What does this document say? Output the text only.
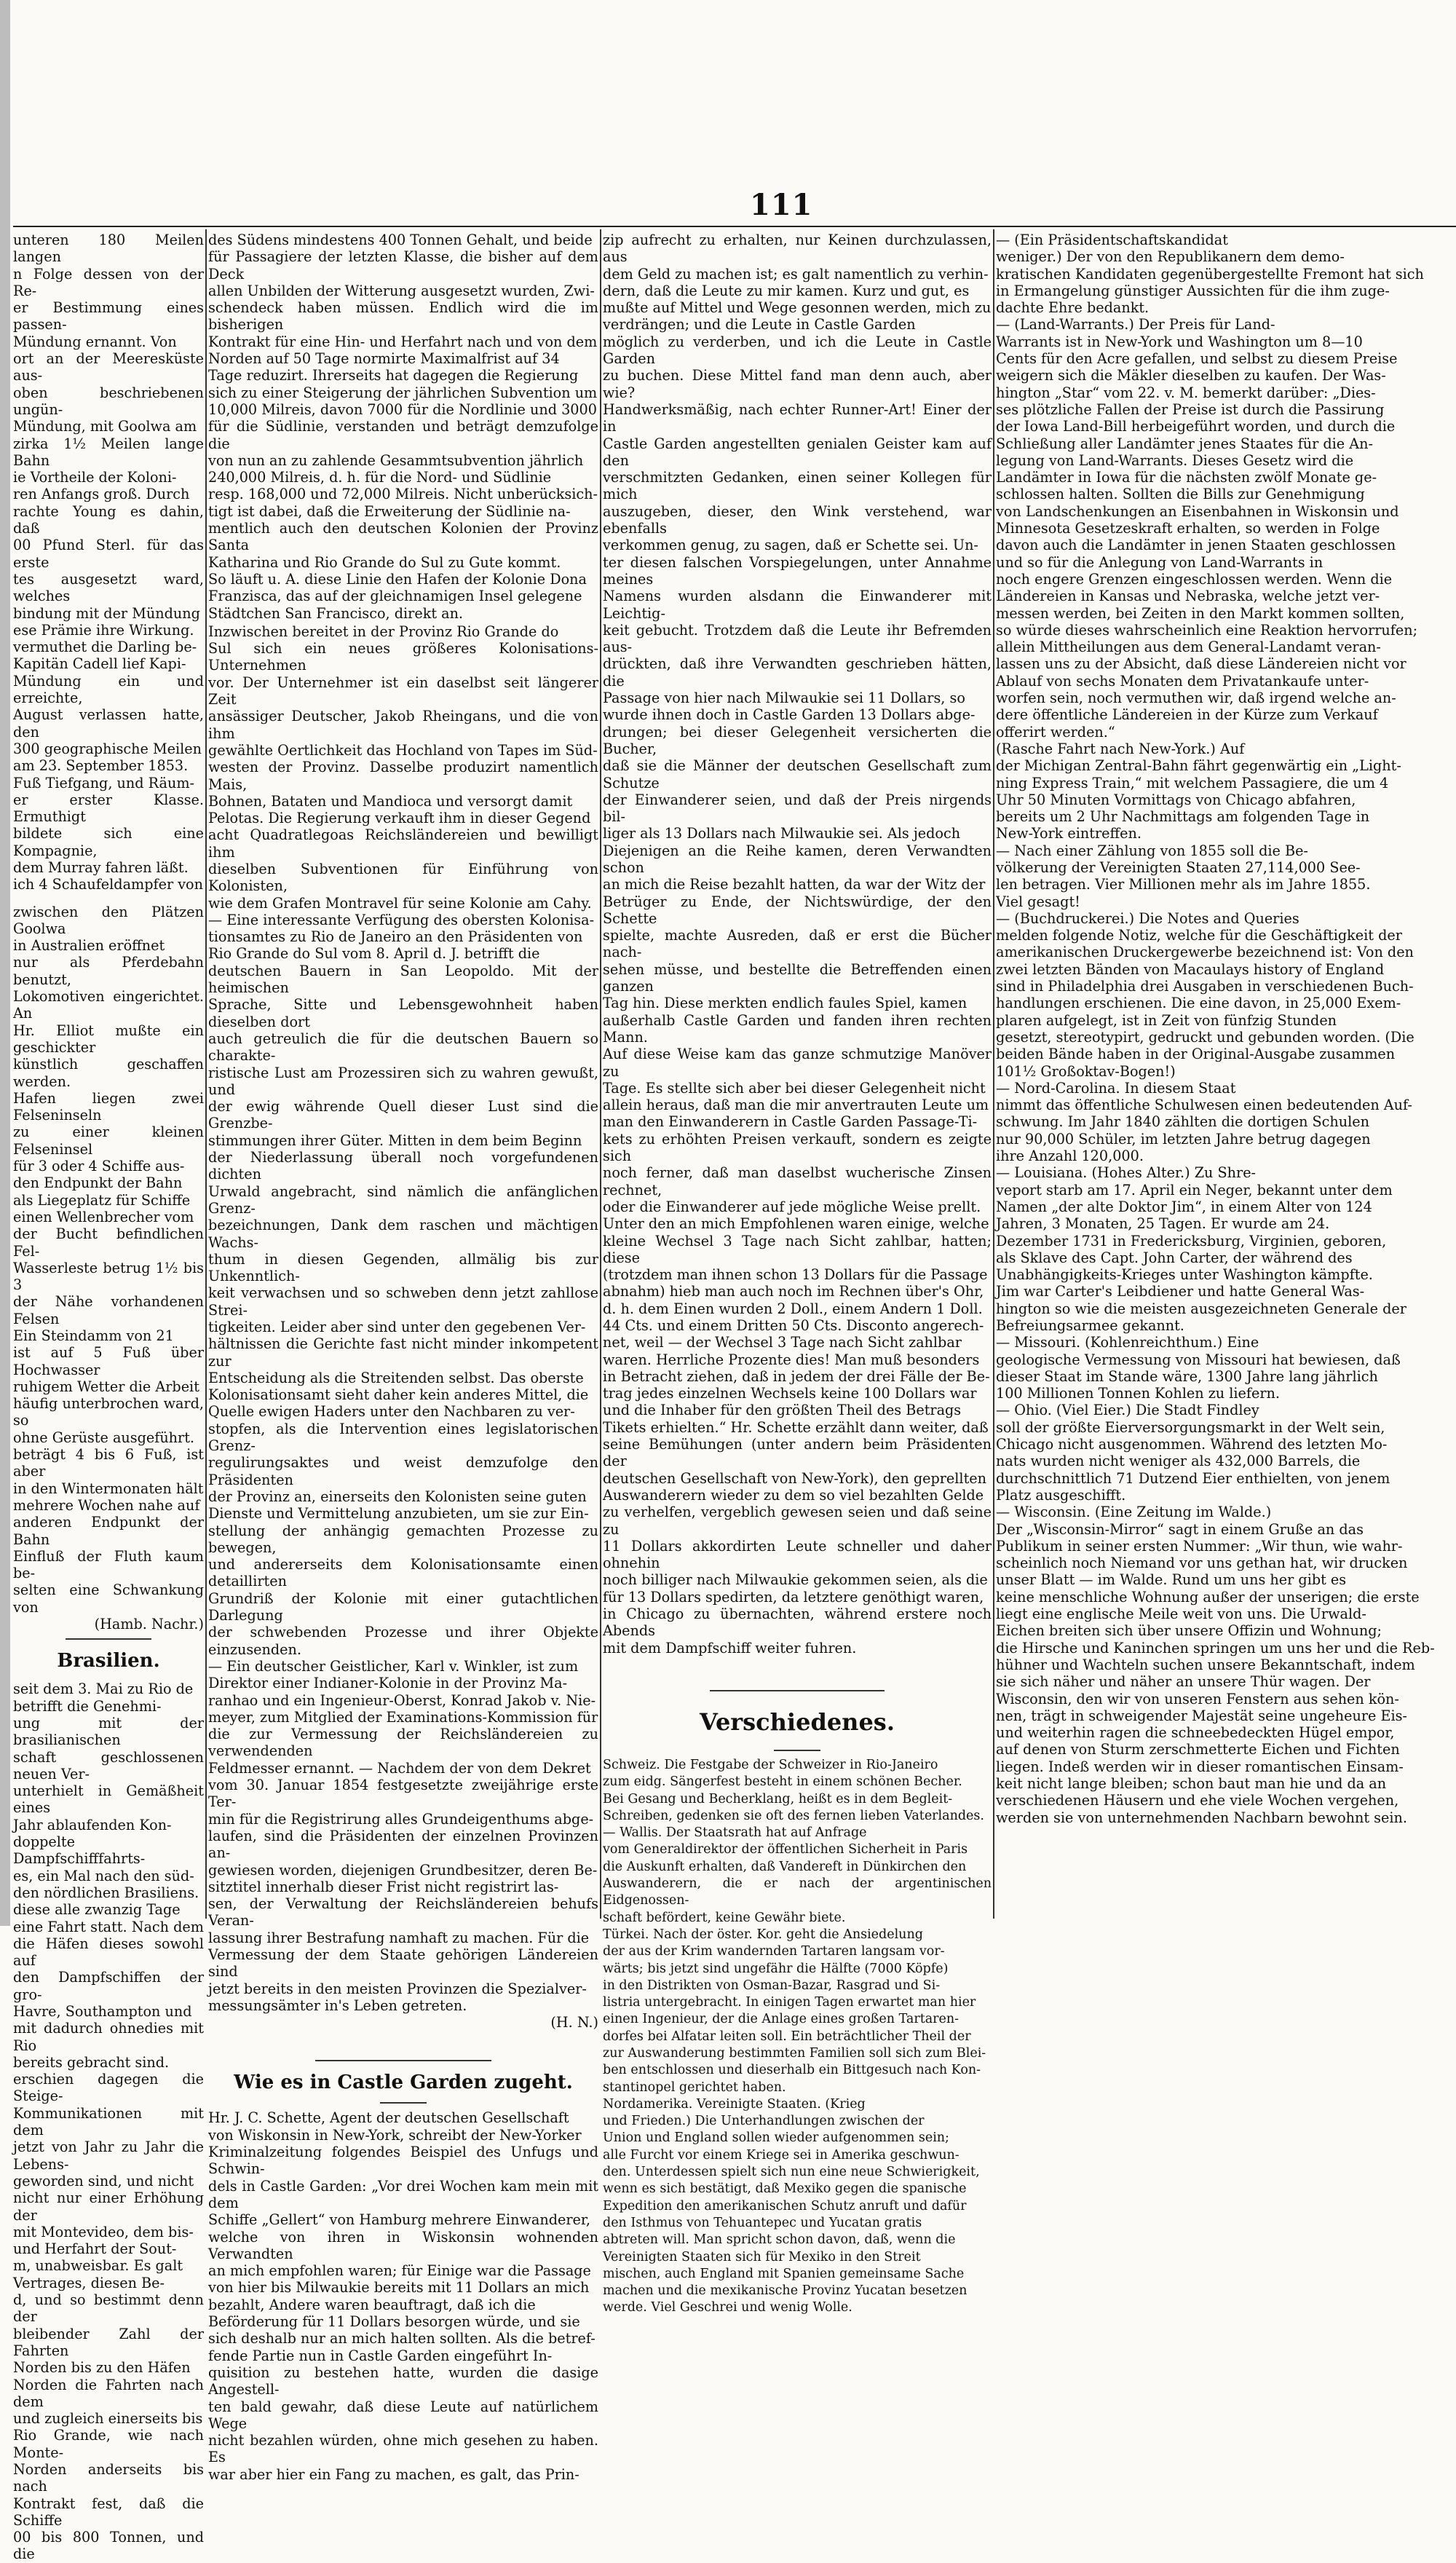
111

unteren 180 Meilen langen

n Folge dessen von der Re-

er Bestimmung eines passen-

Mündung ernannt. Von

ort an der Meeresküste aus-

oben beschriebenen ungün-

Mündung, mit Goolwa am

zirka 1½ Meilen lange Bahn

ie Vortheile der Koloni-

ren Anfangs groß. Durch

rachte Young es dahin, daß

00 Pfund Sterl. für das erste

tes ausgesetzt ward, welches

bindung mit der Mündung

ese Prämie ihre Wirkung.

vermuthet die Darling be-

Kapitän Cadell lief Kapi-

Mündung ein und erreichte,

August verlassen hatte, den

300 geographische Meilen

am 23. September 1853.

Fuß Tiefgang, und Räum-

er erster Klasse. Ermuthigt

bildete sich eine Kompagnie,

dem Murray fahren läßt.

ich 4 Schaufeldampfer von

zwischen den Plätzen Goolwa

in Australien eröffnet

nur als Pferdebahn benutzt,

Lokomotiven eingerichtet. An

Hr. Elliot mußte ein geschickter

künstlich geschaffen werden.

Hafen liegen zwei Felseninseln

zu einer kleinen Felseninsel

für 3 oder 4 Schiffe aus-

den Endpunkt der Bahn

als Liegeplatz für Schiffe

einen Wellenbrecher vom

der Bucht befindlichen Fel-

Wasserleste betrug 1½ bis 3

der Nähe vorhandenen Felsen

Ein Steindamm von 21

ist auf 5 Fuß über Hochwasser

ruhigem Wetter die Arbeit

häufig unterbrochen ward, so

ohne Gerüste ausgeführt.

beträgt 4 bis 6 Fuß, ist aber

in den Wintermonaten hält

mehrere Wochen nahe auf

anderen Endpunkt der Bahn

Einfluß der Fluth kaum be-

selten eine Schwankung von

(Hamb. Nachr.)

Brasilien.

seit dem 3. Mai zu Rio de

betrifft die Genehmi-

ung mit der brasilianischen

schaft geschlossenen neuen Ver-

unterhielt in Gemäßheit eines

Jahr ablaufenden Kon-

doppelte Dampfschifffahrts-

es, ein Mal nach den süd-

den nördlichen Brasiliens.

diese alle zwanzig Tage

eine Fahrt statt. Nach dem

die Häfen dieses sowohl auf

den Dampfschiffen der gro-

Havre, Southampton und

mit dadurch ohnedies mit Rio

bereits gebracht sind.

erschien dagegen die Steige-

Kommunikationen mit dem

jetzt von Jahr zu Jahr die Lebens-

geworden sind, und nicht

nicht nur einer Erhöhung der

mit Montevideo, dem bis-

und Herfahrt der Sout-

m, unabweisbar. Es galt

Vertrages, diesen Be-

d, und so bestimmt denn der

bleibender Zahl der Fahrten

Norden bis zu den Häfen

Norden die Fahrten nach dem

und zugleich einerseits bis

Rio Grande, wie nach Monte-

Norden anderseits bis nach

Kontrakt fest, daß die Schiffe

00 bis 800 Tonnen, und die

des Südens mindestens 400 Tonnen Gehalt, und beide

für Passagiere der letzten Klasse, die bisher auf dem Deck

allen Unbilden der Witterung ausgesetzt wurden, Zwi-

schendeck haben müssen. Endlich wird die im bisherigen

Kontrakt für eine Hin- und Herfahrt nach und von dem

Norden auf 50 Tage normirte Maximalfrist auf 34

Tage reduzirt. Ihrerseits hat dagegen die Regierung

sich zu einer Steigerung der jährlichen Subvention um

10,000 Milreis, davon 7000 für die Nordlinie und 3000

für die Südlinie, verstanden und beträgt demzufolge die

von nun an zu zahlende Gesammtsubvention jährlich

240,000 Milreis, d. h. für die Nord- und Südlinie

resp. 168,000 und 72,000 Milreis. Nicht unberücksich-

tigt ist dabei, daß die Erweiterung der Südlinie na-

mentlich auch den deutschen Kolonien der Provinz Santa

Katharina und Rio Grande do Sul zu Gute kommt.

So läuft u. A. diese Linie den Hafen der Kolonie Dona

Franzisca, das auf der gleichnamigen Insel gelegene

Städtchen San Francisco, direkt an.

Inzwischen bereitet in der Provinz Rio Grande do

Sul sich ein neues größeres Kolonisations-Unternehmen

vor. Der Unternehmer ist ein daselbst seit längerer Zeit

ansässiger Deutscher, Jakob Rheingans, und die von ihm

gewählte Oertlichkeit das Hochland von Tapes im Süd-

westen der Provinz. Dasselbe produzirt namentlich Mais,

Bohnen, Bataten und Mandioca und versorgt damit

Pelotas. Die Regierung verkauft ihm in dieser Gegend

acht Quadratlegoas Reichsländereien und bewilligt ihm

dieselben Subventionen für Einführung von Kolonisten,

wie dem Grafen Montravel für seine Kolonie am Cahy.

— Eine interessante Verfügung des obersten Kolonisa-

tionsamtes zu Rio de Janeiro an den Präsidenten von

Rio Grande do Sul vom 8. April d. J. betrifft die

deutschen Bauern in San Leopoldo. Mit der heimischen

Sprache, Sitte und Lebensgewohnheit haben dieselben dort

auch getreulich die für die deutschen Bauern so charakte-

ristische Lust am Prozessiren sich zu wahren gewußt, und

der ewig währende Quell dieser Lust sind die Grenzbe-

stimmungen ihrer Güter. Mitten in dem beim Beginn

der Niederlassung überall noch vorgefundenen dichten

Urwald angebracht, sind nämlich die anfänglichen Grenz-

bezeichnungen, Dank dem raschen und mächtigen Wachs-

thum in diesen Gegenden, allmälig bis zur Unkenntlich-

keit verwachsen und so schweben denn jetzt zahllose Strei-

tigkeiten. Leider aber sind unter den gegebenen Ver-

hältnissen die Gerichte fast nicht minder inkompetent zur

Entscheidung als die Streitenden selbst. Das oberste

Kolonisationsamt sieht daher kein anderes Mittel, die

Quelle ewigen Haders unter den Nachbaren zu ver-

stopfen, als die Intervention eines legislatorischen Grenz-

regulirungsaktes und weist demzufolge den Präsidenten

der Provinz an, einerseits den Kolonisten seine guten

Dienste und Vermittelung anzubieten, um sie zur Ein-

stellung der anhängig gemachten Prozesse zu bewegen,

und andererseits dem Kolonisationsamte einen detaillirten

Grundriß der Kolonie mit einer gutachtlichen Darlegung

der schwebenden Prozesse und ihrer Objekte einzusenden.

— Ein deutscher Geistlicher, Karl v. Winkler, ist zum

Direktor einer Indianer-Kolonie in der Provinz Ma-

ranhao und ein Ingenieur-Oberst, Konrad Jakob v. Nie-

meyer, zum Mitglied der Examinations-Kommission für

die zur Vermessung der Reichsländereien zu verwendenden

Feldmesser ernannt. — Nachdem der von dem Dekret

vom 30. Januar 1854 festgesetzte zweijährige erste Ter-

min für die Registrirung alles Grundeigenthums abge-

laufen, sind die Präsidenten der einzelnen Provinzen an-

gewiesen worden, diejenigen Grundbesitzer, deren Be-

sitztitel innerhalb dieser Frist nicht registrirt las-

sen, der Verwaltung der Reichsländereien behufs Veran-

lassung ihrer Bestrafung namhaft zu machen. Für die

Vermessung der dem Staate gehörigen Ländereien sind

jetzt bereits in den meisten Provinzen die Spezialver-

messungsämter in's Leben getreten.

(H. N.)

Wie es in Castle Garden zugeht.

Hr. J. C. Schette, Agent der deutschen Gesellschaft

von Wiskonsin in New-York, schreibt der New-Yorker

Kriminalzeitung folgendes Beispiel des Unfugs und Schwin-

dels in Castle Garden: „Vor drei Wochen kam mein mit dem

Schiffe „Gellert“ von Hamburg mehrere Einwanderer,

welche von ihren in Wiskonsin wohnenden Verwandten

an mich empfohlen waren; für Einige war die Passage

von hier bis Milwaukie bereits mit 11 Dollars an mich

bezahlt, Andere waren beauftragt, daß ich die

Beförderung für 11 Dollars besorgen würde, und sie

sich deshalb nur an mich halten sollten. Als die betref-

fende Partie nun in Castle Garden eingeführt In-

quisition zu bestehen hatte, wurden die dasige Angestell-

ten bald gewahr, daß diese Leute auf natürlichem Wege

nicht bezahlen würden, ohne mich gesehen zu haben. Es

war aber hier ein Fang zu machen, es galt, das Prin-

zip aufrecht zu erhalten, nur Keinen durchzulassen, aus

dem Geld zu machen ist; es galt namentlich zu verhin-

dern, daß die Leute zu mir kamen. Kurz und gut, es

mußte auf Mittel und Wege gesonnen werden, mich zu

verdrängen; und die Leute in Castle Garden

möglich zu verderben, und ich die Leute in Castle Garden

zu buchen. Diese Mittel fand man denn auch, aber wie?

Handwerksmäßig, nach echter Runner-Art! Einer der in

Castle Garden angestellten genialen Geister kam auf den

verschmitzten Gedanken, einen seiner Kollegen für mich

auszugeben, dieser, den Wink verstehend, war ebenfalls

verkommen genug, zu sagen, daß er Schette sei. Un-

ter diesen falschen Vorspiegelungen, unter Annahme meines

Namens wurden alsdann die Einwanderer mit Leichtig-

keit gebucht. Trotzdem daß die Leute ihr Befremden aus-

drückten, daß ihre Verwandten geschrieben hätten, die

Passage von hier nach Milwaukie sei 11 Dollars, so

wurde ihnen doch in Castle Garden 13 Dollars abge-

drungen; bei dieser Gelegenheit versicherten die Bucher,

daß sie die Männer der deutschen Gesellschaft zum Schutze

der Einwanderer seien, und daß der Preis nirgends bil-

liger als 13 Dollars nach Milwaukie sei. Als jedoch

Diejenigen an die Reihe kamen, deren Verwandten schon

an mich die Reise bezahlt hatten, da war der Witz der

Betrüger zu Ende, der Nichtswürdige, der den Schette

spielte, machte Ausreden, daß er erst die Bücher nach-

sehen müsse, und bestellte die Betreffenden einen ganzen

Tag hin. Diese merkten endlich faules Spiel, kamen

außerhalb Castle Garden und fanden ihren rechten Mann.

Auf diese Weise kam das ganze schmutzige Manöver zu

Tage. Es stellte sich aber bei dieser Gelegenheit nicht

allein heraus, daß man die mir anvertrauten Leute um

man den Einwanderern in Castle Garden Passage-Ti-

kets zu erhöhten Preisen verkauft, sondern es zeigte sich

noch ferner, daß man daselbst wucherische Zinsen rechnet,

oder die Einwanderer auf jede mögliche Weise prellt.

Unter den an mich Empfohlenen waren einige, welche

kleine Wechsel 3 Tage nach Sicht zahlbar, hatten; diese

(trotzdem man ihnen schon 13 Dollars für die Passage

abnahm) hieb man auch noch im Rechnen über's Ohr,

d. h. dem Einen wurden 2 Doll., einem Andern 1 Doll.

44 Cts. und einem Dritten 50 Cts. Disconto angerech-

net, weil — der Wechsel 3 Tage nach Sicht zahlbar

waren. Herrliche Prozente dies! Man muß besonders

in Betracht ziehen, daß in jedem der drei Fälle der Be-

trag jedes einzelnen Wechsels keine 100 Dollars war

und die Inhaber für den größten Theil des Betrags

Tikets erhielten.“ Hr. Schette erzählt dann weiter, daß

seine Bemühungen (unter andern beim Präsidenten der

deutschen Gesellschaft von New-York), den geprellten

Auswanderern wieder zu dem so viel bezahlten Gelde

zu verhelfen, vergeblich gewesen seien und daß seine zu

11 Dollars akkordirten Leute schneller und daher ohnehin

noch billiger nach Milwaukie gekommen seien, als die

für 13 Dollars spedirten, da letztere genöthigt waren,

in Chicago zu übernachten, während erstere noch Abends

mit dem Dampfschiff weiter fuhren.

Verschiedenes.

Schweiz. Die Festgabe der Schweizer in Rio-Janeiro

zum eidg. Sängerfest besteht in einem schönen Becher.

Bei Gesang und Becherklang, heißt es in dem Begleit-

Schreiben, gedenken sie oft des fernen lieben Vaterlandes.

— Wallis. Der Staatsrath hat auf Anfrage

vom Generaldirektor der öffentlichen Sicherheit in Paris

die Auskunft erhalten, daß Vandereft in Dünkirchen den

Auswanderern, die er nach der argentinischen Eidgenossen-

schaft befördert, keine Gewähr biete.

Türkei. Nach der öster. Kor. geht die Ansiedelung

der aus der Krim wandernden Tartaren langsam vor-

wärts; bis jetzt sind ungefähr die Hälfte (7000 Köpfe)

in den Distrikten von Osman-Bazar, Rasgrad und Si-

listria untergebracht. In einigen Tagen erwartet man hier

einen Ingenieur, der die Anlage eines großen Tartaren-

dorfes bei Alfatar leiten soll. Ein beträchtlicher Theil der

zur Auswanderung bestimmten Familien soll sich zum Blei-

ben entschlossen und dieserhalb ein Bittgesuch nach Kon-

stantinopel gerichtet haben.

Nordamerika. Vereinigte Staaten. (Krieg

und Frieden.) Die Unterhandlungen zwischen der

Union und England sollen wieder aufgenommen sein;

alle Furcht vor einem Kriege sei in Amerika geschwun-

den. Unterdessen spielt sich nun eine neue Schwierigkeit,

wenn es sich bestätigt, daß Mexiko gegen die spanische

Expedition den amerikanischen Schutz anruft und dafür

den Isthmus von Tehuantepec und Yucatan gratis

abtreten will. Man spricht schon davon, daß, wenn die

Vereinigten Staaten sich für Mexiko in den Streit

mischen, auch England mit Spanien gemeinsame Sache

machen und die mexikanische Provinz Yucatan besetzen

werde. Viel Geschrei und wenig Wolle.

— (Ein Präsidentschaftskandidat

weniger.) Der von den Republikanern dem demo-

kratischen Kandidaten gegenübergestellte Fremont hat sich

in Ermangelung günstiger Aussichten für die ihm zuge-

dachte Ehre bedankt.

— (Land-Warrants.) Der Preis für Land-

Warrants ist in New-York und Washington um 8—10

Cents für den Acre gefallen, und selbst zu diesem Preise

weigern sich die Mäkler dieselben zu kaufen. Der Was-

hington „Star“ vom 22. v. M. bemerkt darüber: „Dies-

ses plötzliche Fallen der Preise ist durch die Passirung

der Iowa Land-Bill herbeigeführt worden, und durch die

Schließung aller Landämter jenes Staates für die An-

legung von Land-Warrants. Dieses Gesetz wird die

Landämter in Iowa für die nächsten zwölf Monate ge-

schlossen halten. Sollten die Bills zur Genehmigung

von Landschenkungen an Eisenbahnen in Wiskonsin und

Minnesota Gesetzeskraft erhalten, so werden in Folge

davon auch die Landämter in jenen Staaten geschlossen

und so für die Anlegung von Land-Warrants in

noch engere Grenzen eingeschlossen werden. Wenn die

Ländereien in Kansas und Nebraska, welche jetzt ver-

messen werden, bei Zeiten in den Markt kommen sollten,

so würde dieses wahrscheinlich eine Reaktion hervorrufen;

allein Mittheilungen aus dem General-Landamt veran-

lassen uns zu der Absicht, daß diese Ländereien nicht vor

Ablauf von sechs Monaten dem Privatankaufe unter-

worfen sein, noch vermuthen wir, daß irgend welche an-

dere öffentliche Ländereien in der Kürze zum Verkauf

offerirt werden.“

(Rasche Fahrt nach New-York.) Auf

der Michigan Zentral-Bahn fährt gegenwärtig ein „Light-

ning Express Train,“ mit welchem Passagiere, die um 4

Uhr 50 Minuten Vormittags von Chicago abfahren,

bereits um 2 Uhr Nachmittags am folgenden Tage in

New-York eintreffen.

— Nach einer Zählung von 1855 soll die Be-

völkerung der Vereinigten Staaten 27,114,000 See-

len betragen. Vier Millionen mehr als im Jahre 1855.

Viel gesagt!

— (Buchdruckerei.) Die Notes and Queries

melden folgende Notiz, welche für die Geschäftigkeit der

amerikanischen Druckergewerbe bezeichnend ist: Von den

zwei letzten Bänden von Macaulays history of England

sind in Philadelphia drei Ausgaben in verschiedenen Buch-

handlungen erschienen. Die eine davon, in 25,000 Exem-

plaren aufgelegt, ist in Zeit von fünfzig Stunden

gesetzt, stereotypirt, gedruckt und gebunden worden. (Die

beiden Bände haben in der Original-Ausgabe zusammen

101½ Großoktav-Bogen!)

— Nord-Carolina. In diesem Staat

nimmt das öffentliche Schulwesen einen bedeutenden Auf-

schwung. Im Jahr 1840 zählten die dortigen Schulen

nur 90,000 Schüler, im letzten Jahre betrug dagegen

ihre Anzahl 120,000.

— Louisiana. (Hohes Alter.) Zu Shre-

veport starb am 17. April ein Neger, bekannt unter dem

Namen „der alte Doktor Jim“, in einem Alter von 124

Jahren, 3 Monaten, 25 Tagen. Er wurde am 24.

Dezember 1731 in Fredericksburg, Virginien, geboren,

als Sklave des Capt. John Carter, der während des

Unabhängigkeits-Krieges unter Washington kämpfte.

Jim war Carter's Leibdiener und hatte General Was-

hington so wie die meisten ausgezeichneten Generale der

Befreiungsarmee gekannt.

— Missouri. (Kohlenreichthum.) Eine

geologische Vermessung von Missouri hat bewiesen, daß

dieser Staat im Stande wäre, 1300 Jahre lang jährlich

100 Millionen Tonnen Kohlen zu liefern.

— Ohio. (Viel Eier.) Die Stadt Findley

soll der größte Eierversorgungsmarkt in der Welt sein,

Chicago nicht ausgenommen. Während des letzten Mo-

nats wurden nicht weniger als 432,000 Barrels, die

durchschnittlich 71 Dutzend Eier enthielten, von jenem

Platz ausgeschifft.

— Wisconsin. (Eine Zeitung im Walde.)

Der „Wisconsin-Mirror“ sagt in einem Gruße an das

Publikum in seiner ersten Nummer: „Wir thun, wie wahr-

scheinlich noch Niemand vor uns gethan hat, wir drucken

unser Blatt — im Walde. Rund um uns her gibt es

keine menschliche Wohnung außer der unserigen; die erste

liegt eine englische Meile weit von uns. Die Urwald-

Eichen breiten sich über unsere Offizin und Wohnung;

die Hirsche und Kaninchen springen um uns her und die Reb-

hühner und Wachteln suchen unsere Bekanntschaft, indem

sie sich näher und näher an unsere Thür wagen. Der

Wisconsin, den wir von unseren Fenstern aus sehen kön-

nen, trägt in schweigender Majestät seine ungeheure Eis-

und weiterhin ragen die schneebedeckten Hügel empor,

auf denen von Sturm zerschmetterte Eichen und Fichten

liegen. Indeß werden wir in dieser romantischen Einsam-

keit nicht lange bleiben; schon baut man hie und da an

verschiedenen Häusern und ehe viele Wochen vergehen,

werden sie von unternehmenden Nachbarn bewohnt sein.
